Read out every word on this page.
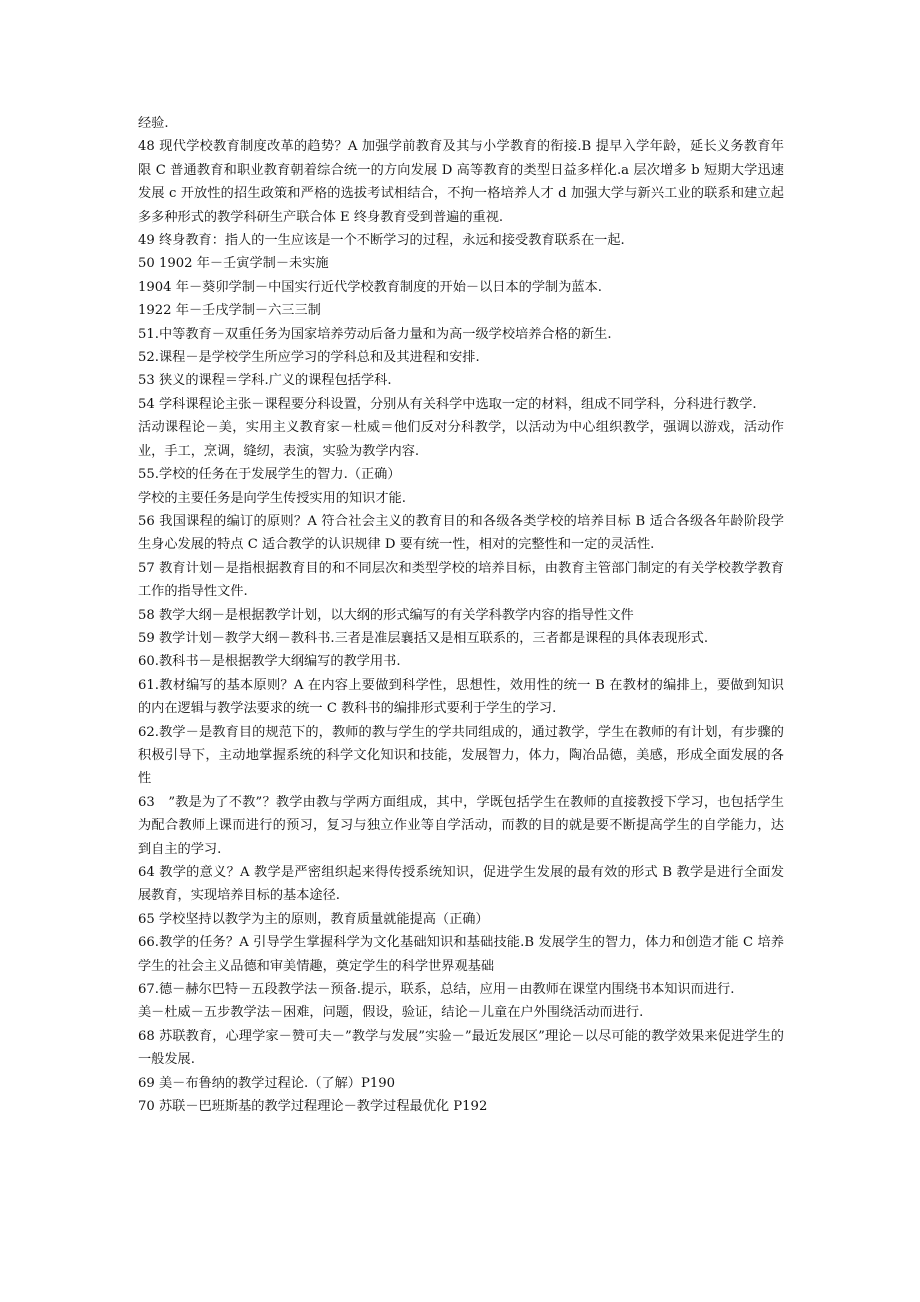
经验.

48 现代学校教育制度改革的趋势？A 加强学前教育及其与小学教育的衔接.B 提早入学年龄，延长义务教育年限 C 普通教育和职业教育朝着综合统一的方向发展 D 高等教育的类型日益多样化.a 层次增多 b 短期大学迅速发展 c 开放性的招生政策和严格的选拔考试相结合，不拘一格培养人才 d 加强大学与新兴工业的联系和建立起多多种形式的教学科研生产联合体 E 终身教育受到普遍的重视.

49 终身教育：指人的一生应该是一个不断学习的过程，永远和接受教育联系在一起.

50 1902 年－壬寅学制－未实施

1904 年－葵卯学制－中国实行近代学校教育制度的开始－以日本的学制为蓝本.

1922 年－壬戌学制－六三三制

51.中等教育－双重任务为国家培养劳动后备力量和为高一级学校培养合格的新生.

52.课程－是学校学生所应学习的学科总和及其进程和安排.

53 狭义的课程＝学科.广义的课程包括学科.

54 学科课程论主张－课程要分科设置，分别从有关科学中选取一定的材料，组成不同学科，分科进行教学.

活动课程论－美，实用主义教育家－杜威＝他们反对分科教学，以活动为中心组织教学，强调以游戏，活动作业，手工，烹调，缝纫，表演，实验为教学内容.

55.学校的任务在于发展学生的智力.（正确）

学校的主要任务是向学生传授实用的知识才能.

56 我国课程的编订的原则？A 符合社会主义的教育目的和各级各类学校的培养目标 B 适合各级各年龄阶段学生身心发展的特点 C 适合教学的认识规律 D 要有统一性，相对的完整性和一定的灵活性.

57 教育计划－是指根据教育目的和不同层次和类型学校的培养目标，由教育主管部门制定的有关学校教学教育工作的指导性文件.

58 教学大纲－是根据教学计划，以大纲的形式编写的有关学科教学内容的指导性文件

59 教学计划－教学大纲－教科书.三者是准层襄括又是相互联系的，三者都是课程的具体表现形式.

60.教科书－是根据教学大纲编写的教学用书.

61.教材编写的基本原则？A 在内容上要做到科学性，思想性，效用性的统一 B 在教材的编排上，要做到知识的内在逻辑与教学法要求的统一 C 教科书的编排形式要利于学生的学习.

62.教学－是教育目的规范下的，教师的教与学生的学共同组成的，通过教学，学生在教师的有计划，有步骤的积极引导下，主动地掌握系统的科学文化知识和技能，发展智力，体力，陶冶品德，美感，形成全面发展的各性

63　”教是为了不教”？教学由教与学两方面组成，其中，学既包括学生在教师的直接教授下学习，也包括学生为配合教师上课而进行的预习，复习与独立作业等自学活动，而教的目的就是要不断提高学生的自学能力，达到自主的学习.

64 教学的意义？A 教学是严密组织起来得传授系统知识，促进学生发展的最有效的形式 B 教学是进行全面发展教育，实现培养目标的基本途径.

65 学校坚持以教学为主的原则，教育质量就能提高（正确）

66.教学的任务？A 引导学生掌握科学为文化基础知识和基础技能.B 发展学生的智力，体力和创造才能 C 培养学生的社会主义品德和审美情趣，奠定学生的科学世界观基础

67.德－赫尔巴特－五段教学法－预备.提示，联系，总结，应用－由教师在课堂内围绕书本知识而进行.

美－杜威－五步教学法－困难，问题，假设，验证，结论－儿童在户外围绕活动而进行.

68 苏联教育，心理学家－赞可夫－”教学与发展”实验－”最近发展区”理论－以尽可能的教学效果来促进学生的一般发展.

69 美－布鲁纳的教学过程论.（了解）P190

70 苏联－巴班斯基的教学过程理论－教学过程最优化 P192
